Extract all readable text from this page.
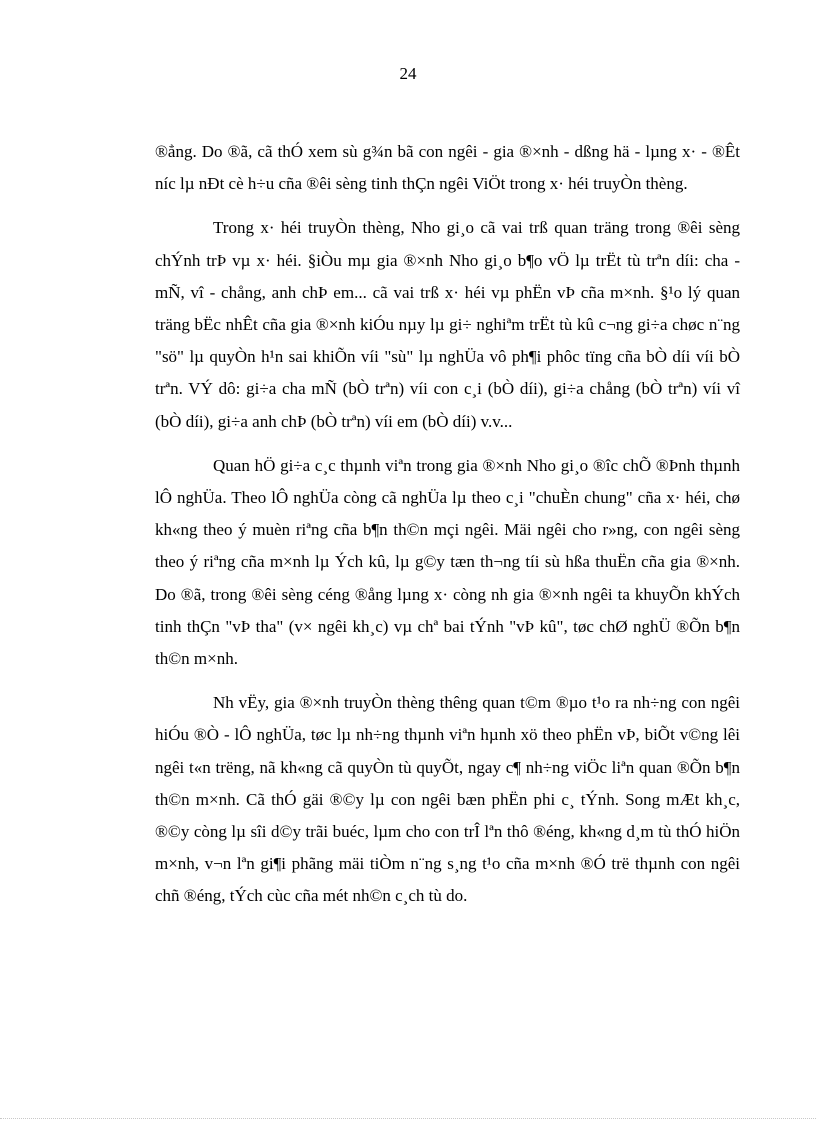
24

®ẳng. Do ®ã, cã thÓ xem sù g¾n bã con ngêi - gia ®×nh - dßng hä - lµng x· - ®Êt níc lµ nÐt cè h÷u cña ®êi sèng tinh thÇn ngêi ViÖt trong x· héi truyÒn thèng.

Trong x· héi truyÒn thèng, Nho gi¸o cã vai trß quan träng trong ®êi sèng chÝnh trÞ vµ x· héi. §iÒu mµ gia ®×nh Nho gi¸o b¶o vÖ lµ trËt tù trªn díi: cha - mÑ, vî - chång, anh chÞ em... cã vai trß x· héi vµ phËn vÞ cña m×nh. §¹o lý quan träng bËc nhÊt cña gia ®×nh kiÓu nµy lµ gi÷ nghiªm trËt tù kû c¬ng gi÷a chøc n¨ng "sö" lµ quyÒn h¹n sai khiÕn víi "sù" lµ nghÜa vô ph¶i phôc tïng cña bÒ díi víi bÒ trªn. VÝ dô: gi÷a cha mÑ (bÒ trªn) víi con c¸i (bÒ díi), gi÷a chång (bÒ trªn) víi vî (bÒ díi), gi÷a anh chÞ (bÒ trªn) víi em (bÒ díi) v.v...

Quan hÖ gi÷a c¸c thµnh viªn trong gia ®×nh Nho gi¸o ®îc chÕ ®Þnh thµnh lÔ nghÜa. Theo lÔ nghÜa còng cã nghÜa lµ theo c¸i "chuÈn chung" cña x· héi, chø kh«ng theo ý muèn riªng cña b¶n th©n mçi ngêi. Mäi ngêi cho r»ng, con ngêi sèng theo ý riªng cña m×nh lµ Ých kû, lµ g©y tæn th¬ng tíi sù hßa thuËn cña gia ®×nh. Do ®ã, trong ®êi sèng céng ®ång lµng x· còng nh gia ®×nh ngêi ta khuyÕn khÝch tinh thÇn "vÞ tha" (v× ngêi kh¸c) vµ chª bai tÝnh "vÞ kû", tøc chØ nghÜ ®Õn b¶n th©n m×nh.

Nh vËy, gia ®×nh truyÒn thèng thêng quan t©m ®µo t¹o ra nh÷ng con ngêi hiÓu ®Ò - lÔ nghÜa, tøc lµ nh÷ng thµnh viªn hµnh xö theo phËn vÞ, biÕt v©ng lêi ngêi t«n trëng, nã kh«ng cã quyÒn tù quyÕt, ngay c¶ nh÷ng viÖc liªn quan ®Õn b¶n th©n m×nh. Cã thÓ gäi ®©y lµ con ngêi bæn phËn phi c¸ tÝnh. Song mÆt kh¸c, ®©y còng lµ sîi d©y trãi buéc, lµm cho con trÎ lªn thô ®éng, kh«ng d¸m tù thÓ hiÖn m×nh, v¬n lªn gi¶i phãng mäi tiÒm n¨ng s¸ng t¹o cña m×nh ®Ó trë thµnh con ngêi chñ ®éng, tÝch cùc cña mét nh©n c¸ch tù do.
